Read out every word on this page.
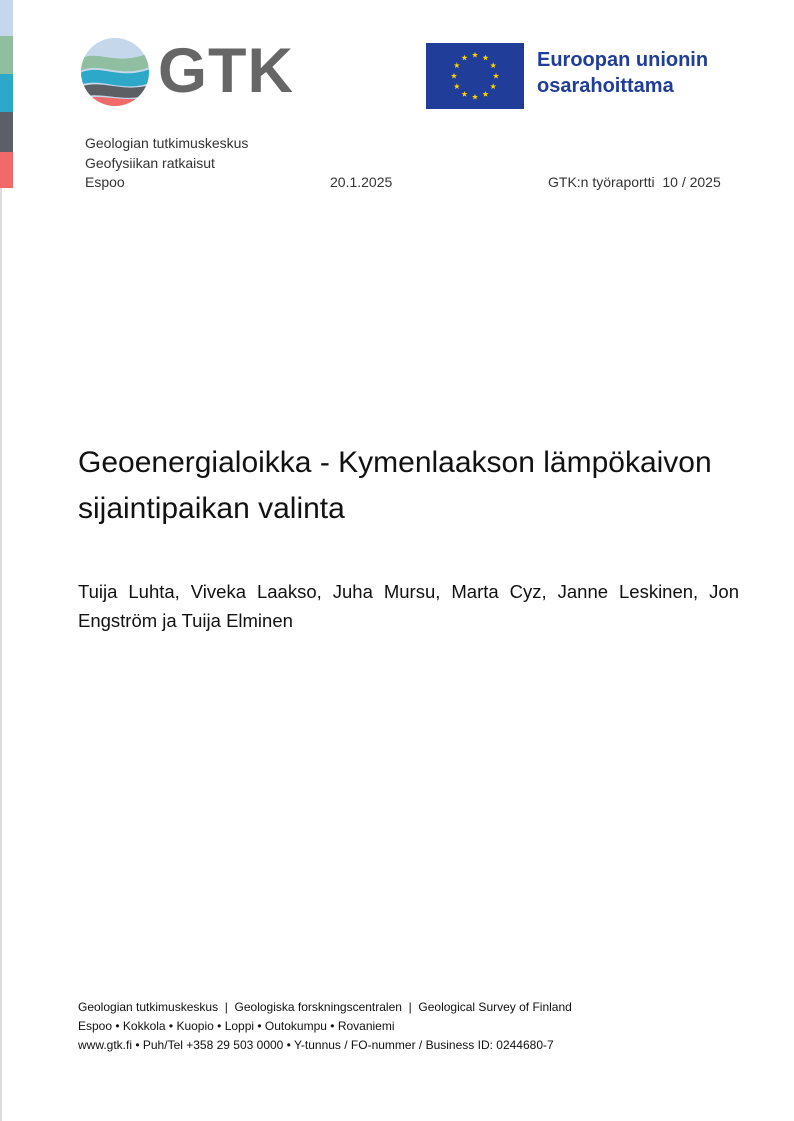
GTK	Euroopan unionin
osarahoittama
Geologian tutkimuskeskus
Geofysiikan ratkaisut
Espoo	20.1.2025	GTK:n työraportti  10 / 2025
Geoenergialoikka - Kymenlaakson lämpökaivon
sijaintipaikan valinta
Tuija Luhta, Viveka Laakso, Juha Mursu, Marta Cyz, Janne Leskinen, Jon Engström ja Tuija Elminen
Geologian tutkimuskeskus  |  Geologiska forskningscentralen  |  Geological Survey of Finland
Espoo • Kokkola • Kuopio • Loppi • Outokumpu • Rovaniemi
www.gtk.fi • Puh/Tel +358 29 503 0000 • Y-tunnus / FO-nummer / Business ID: 0244680-7
